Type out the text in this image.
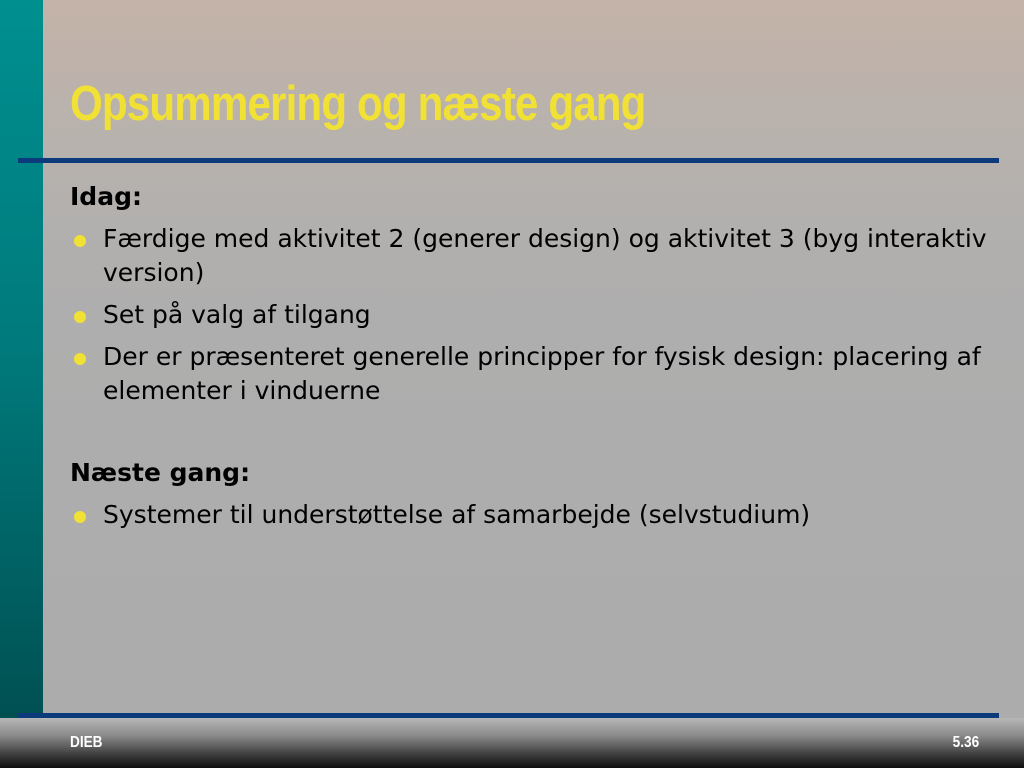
Opsummering og næste gang
Idag:
Færdige med aktivitet 2 (generer design) og aktivitet 3 (byg interaktiv version)
Set på valg af tilgang
Der er præsenteret generelle principper for fysisk design: placering af elementer i vinduerne
Næste gang:
Systemer til understøttelse af samarbejde (selvstudium)
DIEB	5.36
